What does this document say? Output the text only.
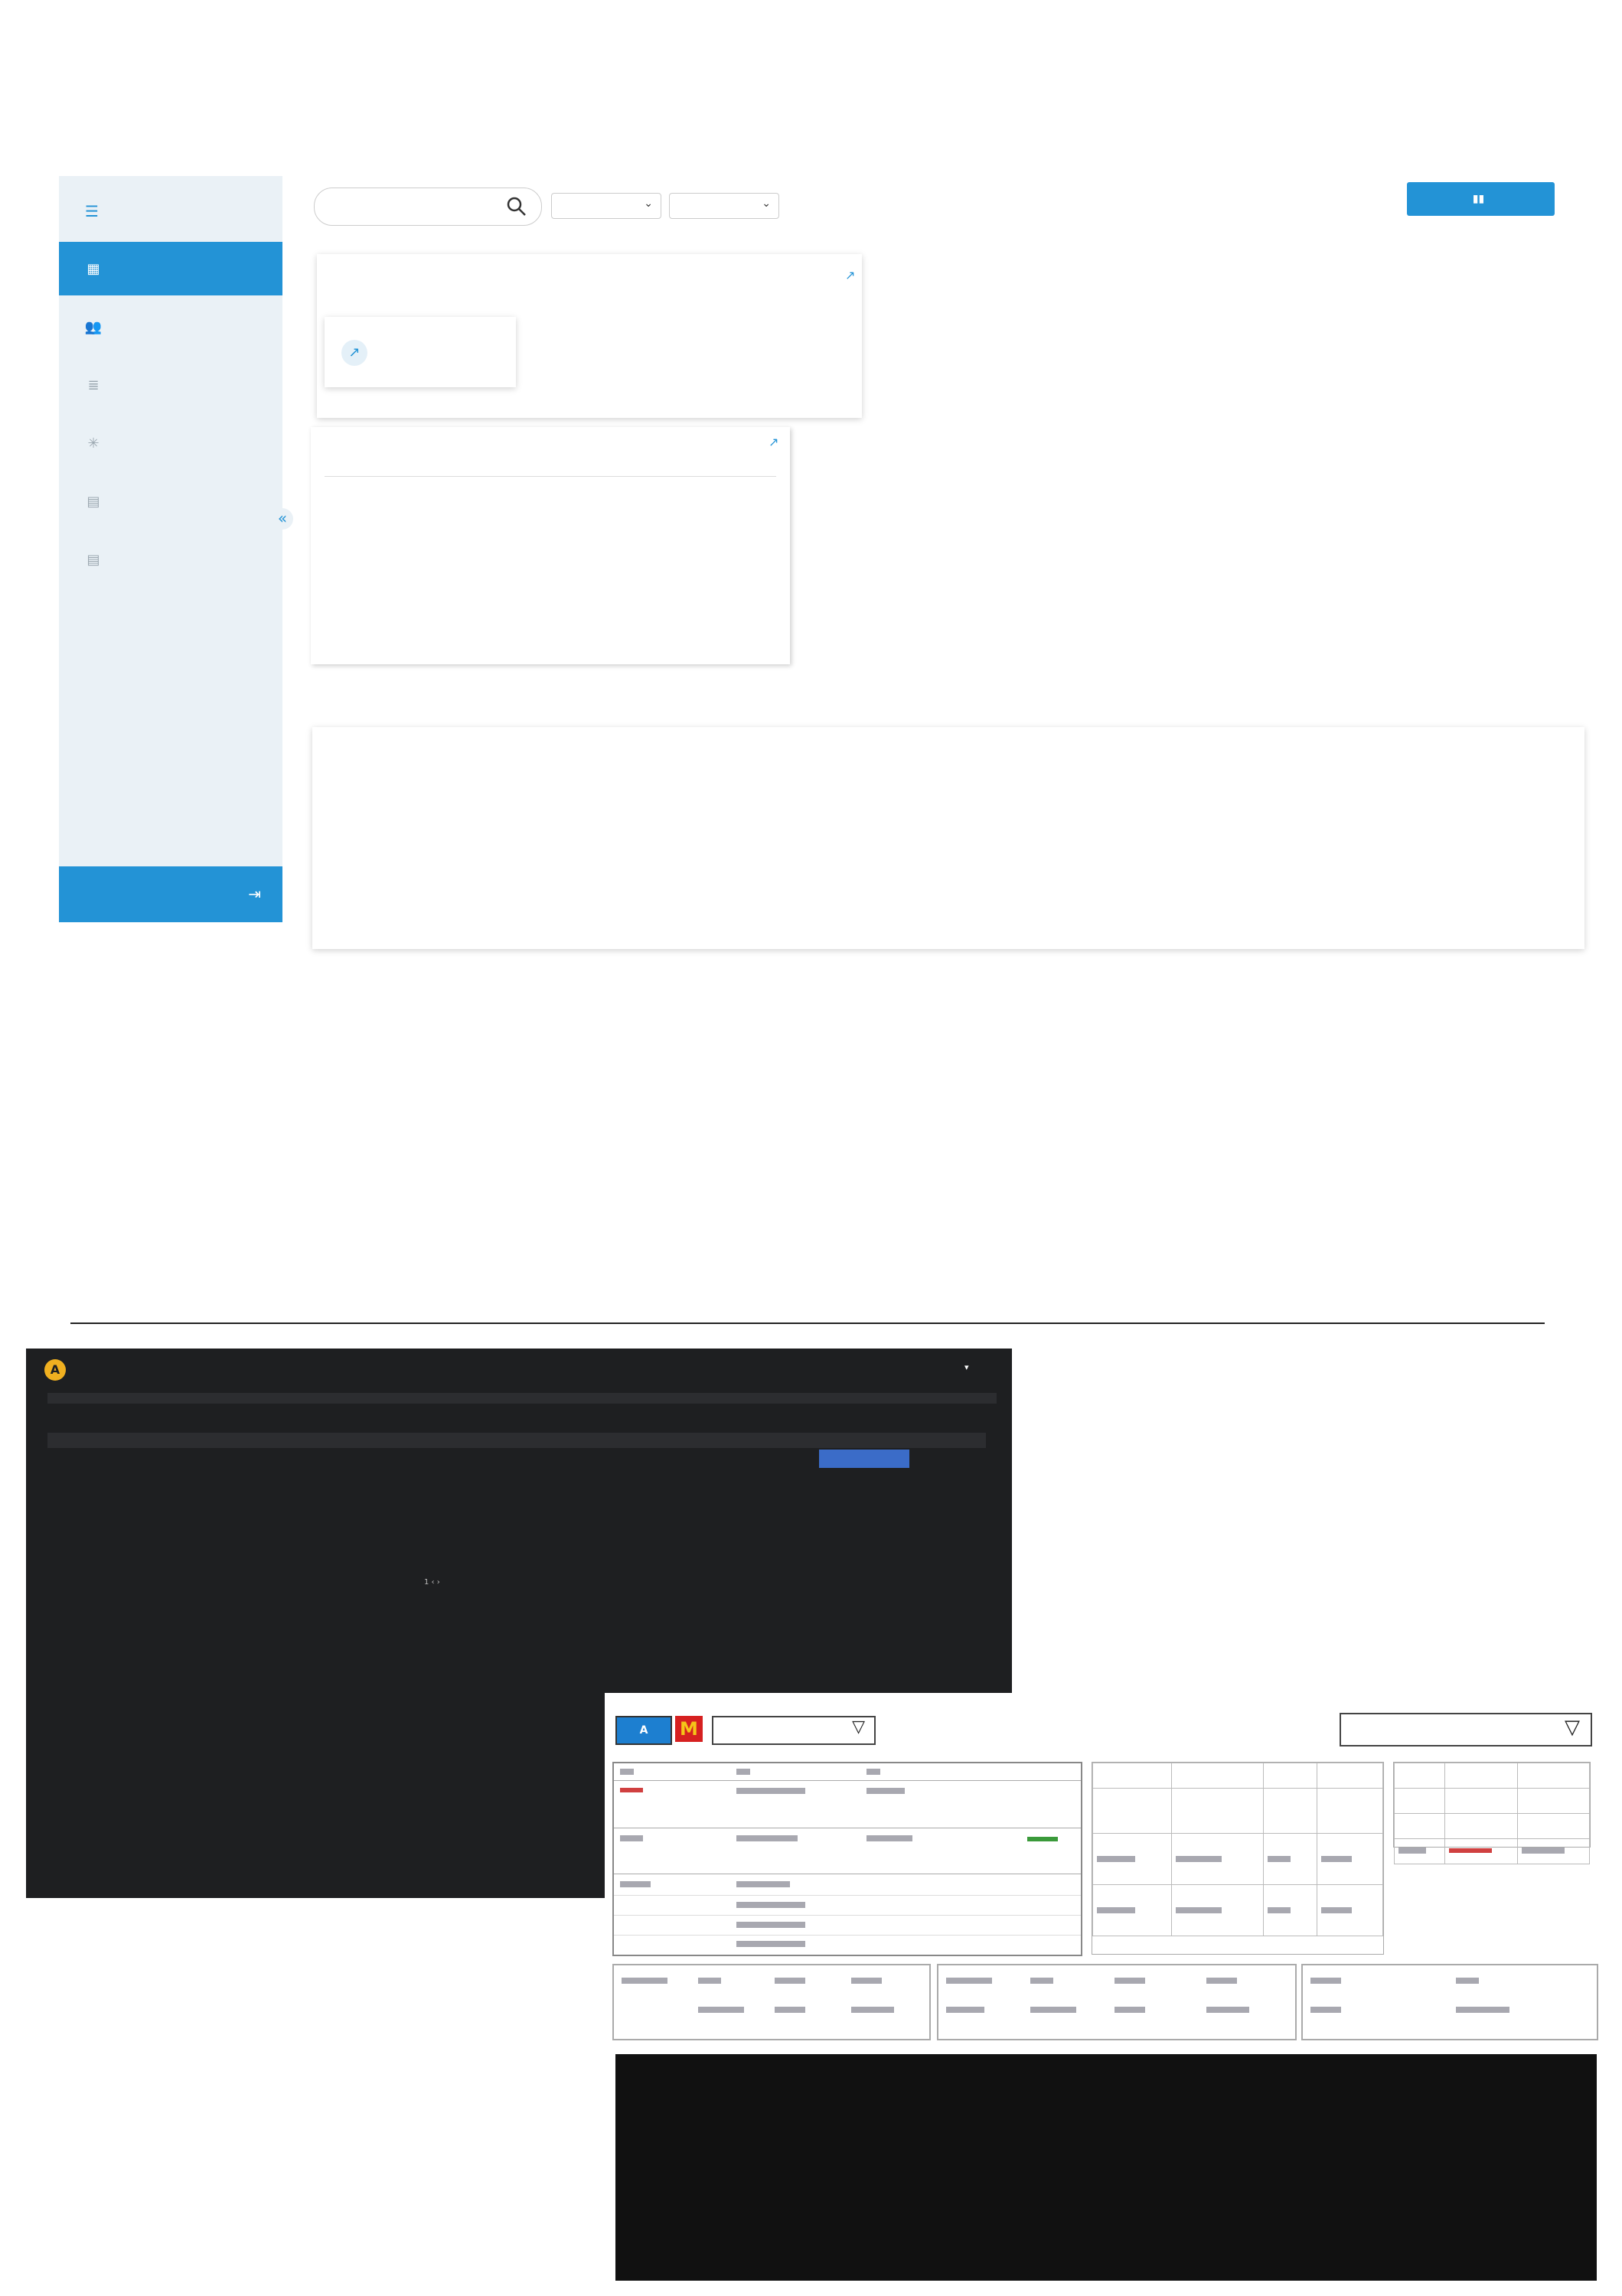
☰
▦
👥
≣
✳
▤
▤
⇥
«
⌄	⌄	▮▮
↗
↗
↗

A	▾
1 ‹ ›
A	M	▽	▽
